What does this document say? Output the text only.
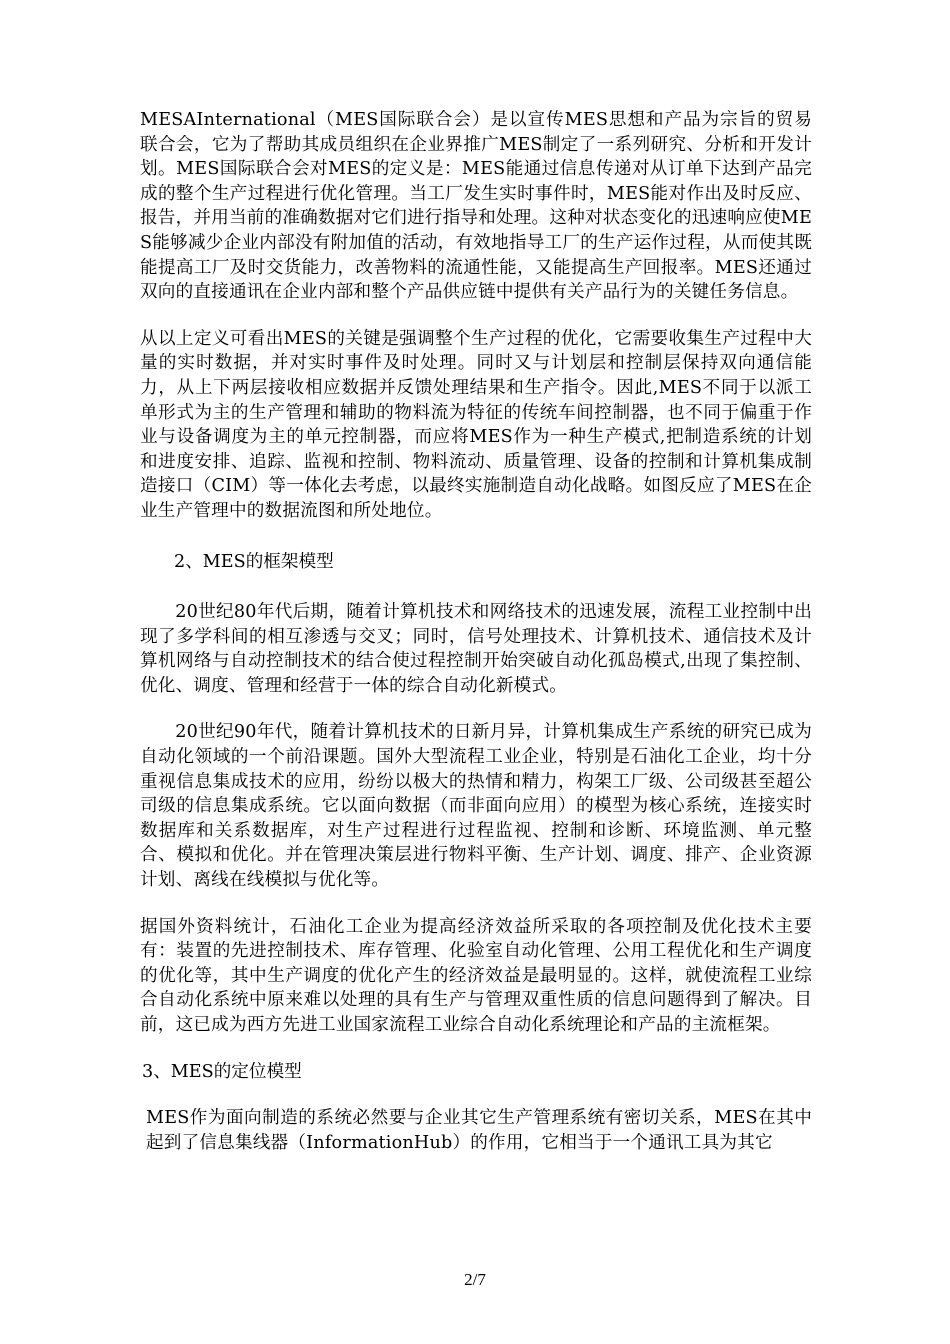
MESAInternational（MES国际联合会）是以宣传MES思想和产品为宗旨的贸易联合会，它为了帮助其成员组织在企业界推广MES制定了一系列研究、分析和开发计划。MES国际联合会对MES的定义是：MES能通过信息传递对从订单下达到产品完成的整个生产过程进行优化管理。当工厂发生实时事件时，MES能对作出及时反应、报告，并用当前的准确数据对它们进行指导和处理。这种对状态变化的迅速响应使MES能够减少企业内部没有附加值的活动，有效地指导工厂的生产运作过程，从而使其既能提高工厂及时交货能力，改善物料的流通性能，又能提高生产回报率。MES还通过双向的直接通讯在企业内部和整个产品供应链中提供有关产品行为的关键任务信息。

从以上定义可看出MES的关键是强调整个生产过程的优化，它需要收集生产过程中大量的实时数据，并对实时事件及时处理。同时又与计划层和控制层保持双向通信能力，从上下两层接收相应数据并反馈处理结果和生产指令。因此,MES不同于以派工单形式为主的生产管理和辅助的物料流为特征的传统车间控制器，也不同于偏重于作业与设备调度为主的单元控制器，而应将MES作为一种生产模式,把制造系统的计划和进度安排、追踪、监视和控制、物料流动、质量管理、设备的控制和计算机集成制造接口（CIM）等一体化去考虑，以最终实施制造自动化战略。如图反应了MES在企业生产管理中的数据流图和所处地位。

2、MES的框架模型

20世纪80年代后期，随着计算机技术和网络技术的迅速发展，流程工业控制中出现了多学科间的相互渗透与交叉；同时，信号处理技术、计算机技术、通信技术及计算机网络与自动控制技术的结合使过程控制开始突破自动化孤岛模式,出现了集控制、优化、调度、管理和经营于一体的综合自动化新模式。

20世纪90年代，随着计算机技术的日新月异，计算机集成生产系统的研究已成为自动化领域的一个前沿课题。国外大型流程工业企业，特别是石油化工企业，均十分重视信息集成技术的应用，纷纷以极大的热情和精力，构架工厂级、公司级甚至超公司级的信息集成系统。它以面向数据（而非面向应用）的模型为核心系统，连接实时数据库和关系数据库，对生产过程进行过程监视、控制和诊断、环境监测、单元整合、模拟和优化。并在管理决策层进行物料平衡、生产计划、调度、排产、企业资源计划、离线在线模拟与优化等。

据国外资料统计，石油化工企业为提高经济效益所采取的各项控制及优化技术主要有：装置的先进控制技术、库存管理、化验室自动化管理、公用工程优化和生产调度的优化等，其中生产调度的优化产生的经济效益是最明显的。这样，就使流程工业综合自动化系统中原来难以处理的具有生产与管理双重性质的信息问题得到了解决。目前，这已成为西方先进工业国家流程工业综合自动化系统理论和产品的主流框架。

3、MES的定位模型

MES作为面向制造的系统必然要与企业其它生产管理系统有密切关系，MES在其中起到了信息集线器（InformationHub）的作用，它相当于一个通讯工具为其它

2/7
